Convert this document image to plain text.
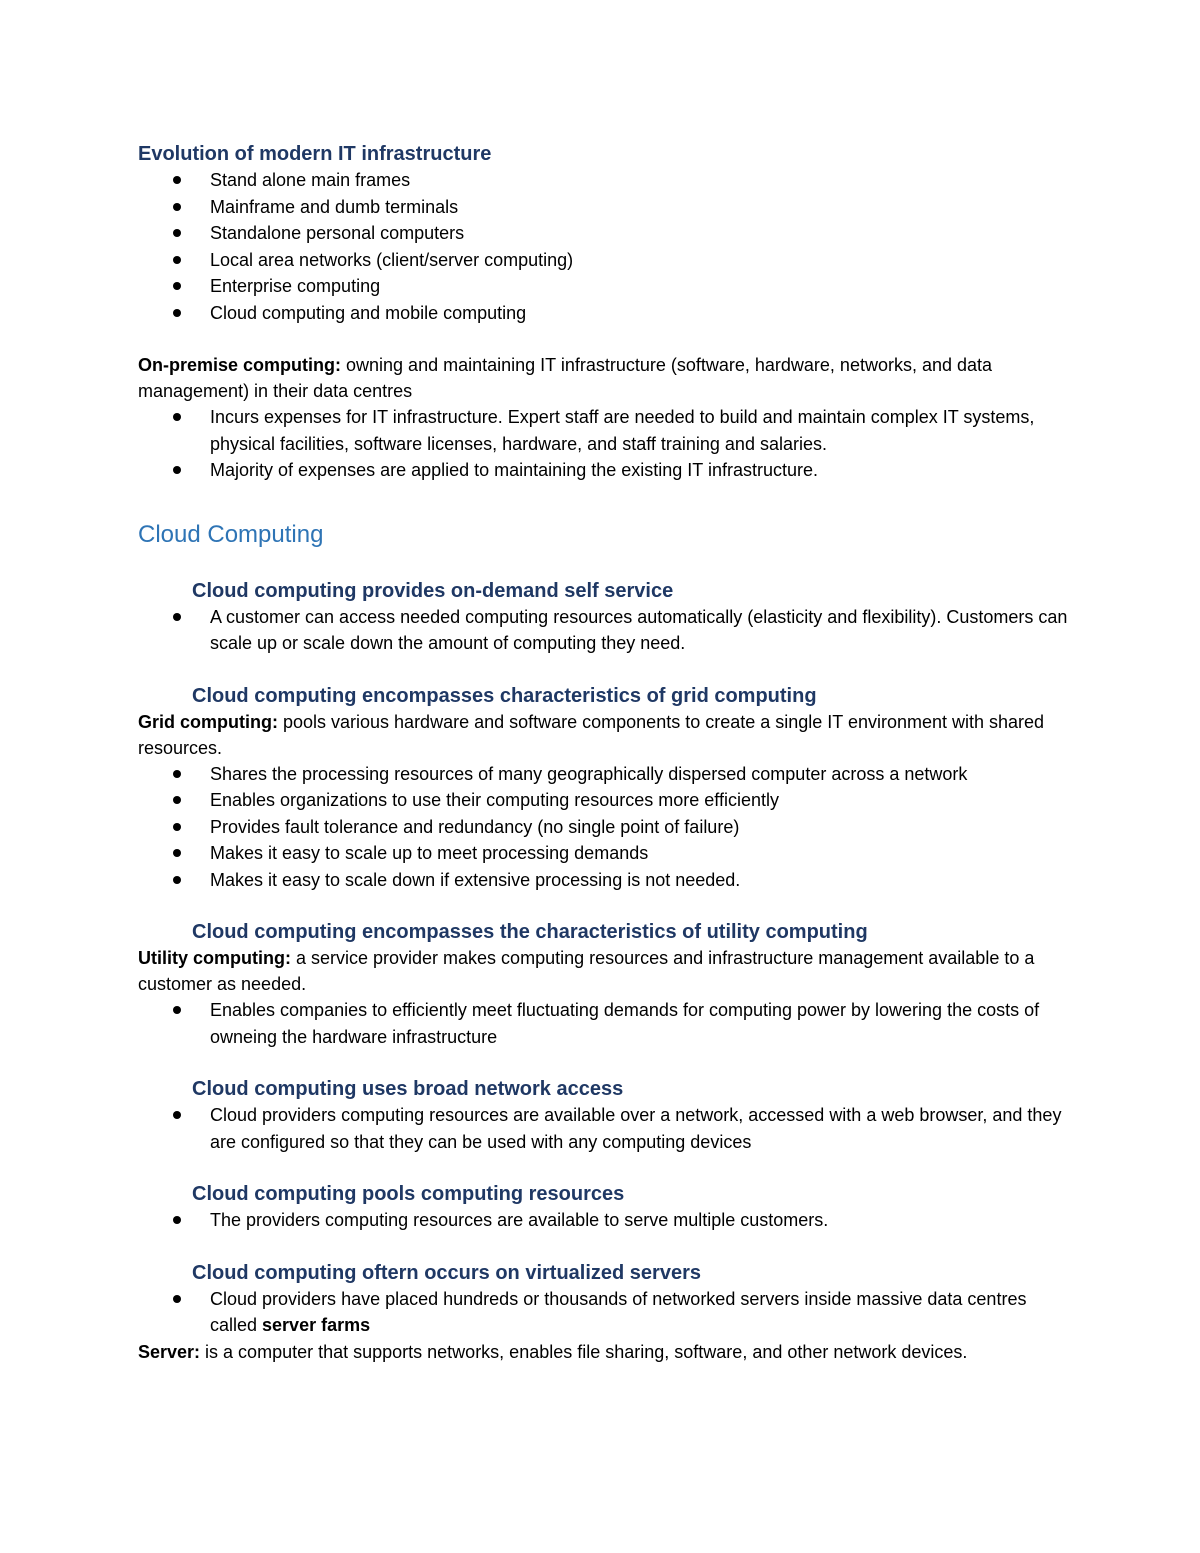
Evolution of modern IT infrastructure

Stand alone main frames
Mainframe and dumb terminals
Standalone personal computers
Local area networks (client/server computing)
Enterprise computing
Cloud computing and mobile computing

On-premise computing: owning and maintaining IT infrastructure (software, hardware, networks, and data management) in their data centres

Incurs expenses for IT infrastructure. Expert staff are needed to build and maintain complex IT systems, physical facilities, software licenses, hardware, and staff training and salaries.
Majority of expenses are applied to maintaining the existing IT infrastructure.

Cloud Computing

Cloud computing provides on-demand self service

A customer can access needed computing resources automatically (elasticity and flexibility). Customers can scale up or scale down the amount of computing they need.

Cloud computing encompasses characteristics of grid computing

Grid computing: pools various hardware and software components to create a single IT environment with shared resources.

Shares the processing resources of many geographically dispersed computer across a network
Enables organizations to use their computing resources more efficiently
Provides fault tolerance and redundancy (no single point of failure)
Makes it easy to scale up to meet processing demands
Makes it easy to scale down if extensive processing is not needed.

Cloud computing encompasses the characteristics of utility computing

Utility computing: a service provider makes computing resources and infrastructure management available to a customer as needed.

Enables companies to efficiently meet fluctuating demands for computing power by lowering the costs of owneing the hardware infrastructure

Cloud computing uses broad network access

Cloud providers computing resources are available over a network, accessed with a web browser, and they are configured so that they can be used with any computing devices

Cloud computing pools computing resources

The providers computing resources are available to serve multiple customers.

Cloud computing oftern occurs on virtualized servers

Cloud providers have placed hundreds or thousands of networked servers inside massive data centres called server farms

Server: is a computer that supports networks, enables file sharing, software, and other network devices.
